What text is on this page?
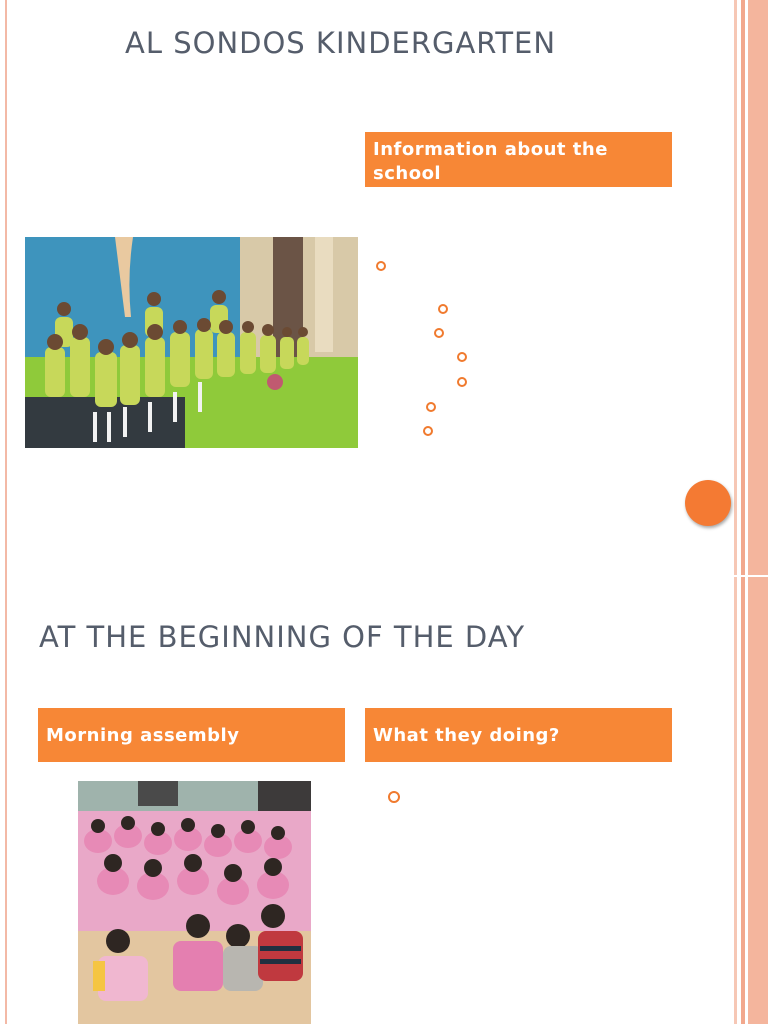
AL SONDOS KINDERGARTEN
Information about the school
AT THE BEGINNING OF THE DAY
Morning assembly	What they doing?
